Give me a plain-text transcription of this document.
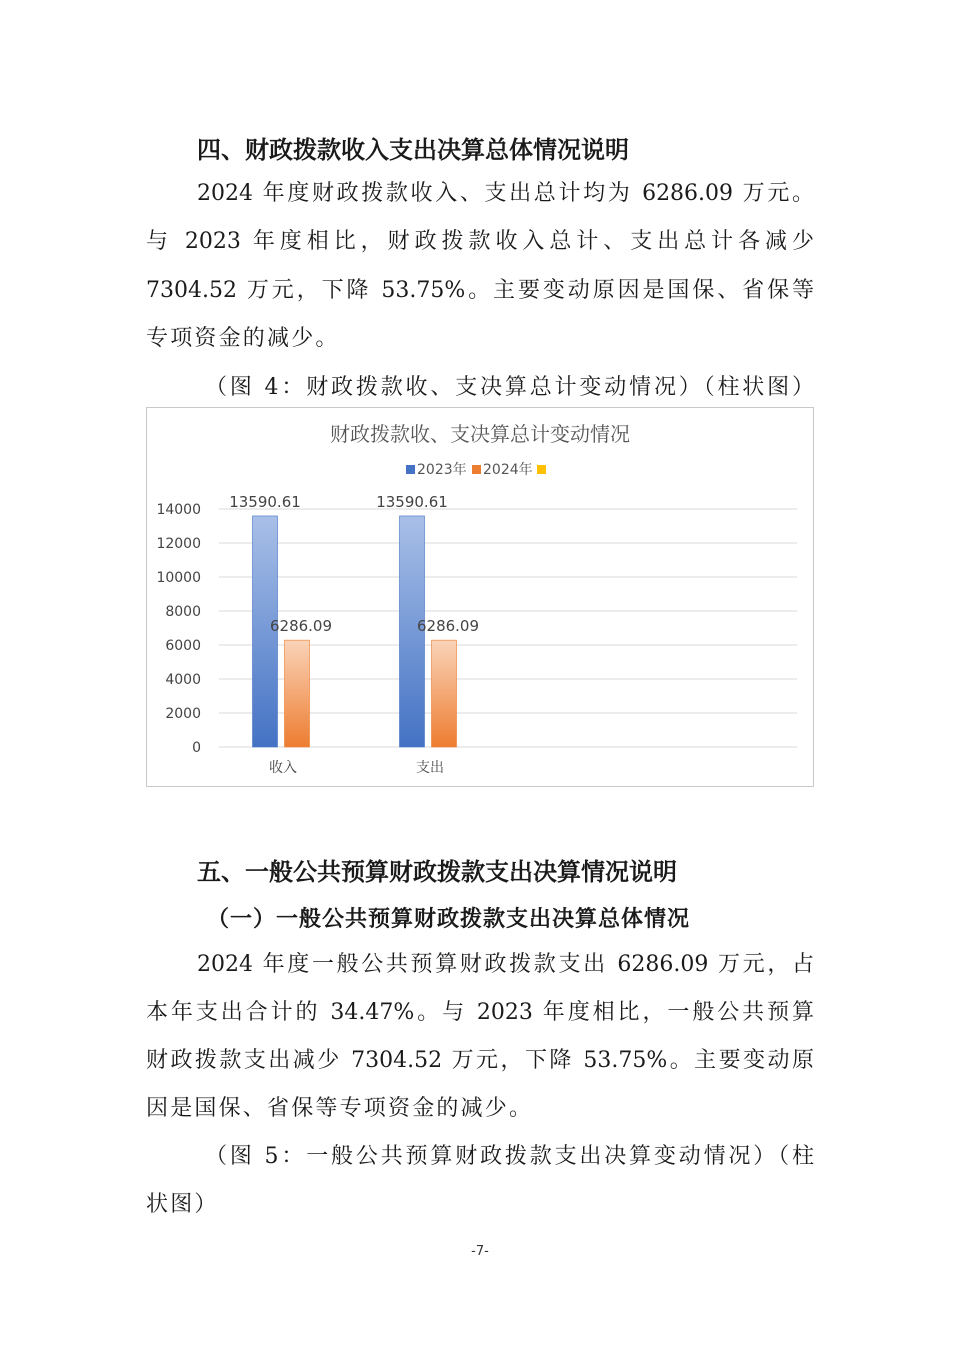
四、财政拨款收入支出决算总体情况说明
2024 年度财政拨款收入、支出总计均为 6286.09 万元。
与 2023 年度相比，财政拨款收入总计、支出总计各减少
7304.52 万元，下降 53.75%。主要变动原因是国保、省保等
专项资金的减少。
（图 4：财政拨款收、支决算总计变动情况）（柱状图）
财政拨款收、支决算总计变动情况
2023年 2024年
0
2000
4000
6000
8000
10000
12000
14000 13590.61
6286.09
收入
13590.61
6286.09
支出
五、一般公共预算财政拨款支出决算情况说明
（一）一般公共预算财政拨款支出决算总体情况
2024 年度一般公共预算财政拨款支出 6286.09 万元，占
本年支出合计的 34.47%。与 2023 年度相比，一般公共预算
财政拨款支出减少 7304.52 万元，下降 53.75%。主要变动原
因是国保、省保等专项资金的减少。
（图 5：一般公共预算财政拨款支出决算变动情况）（柱
状图）
-7-
